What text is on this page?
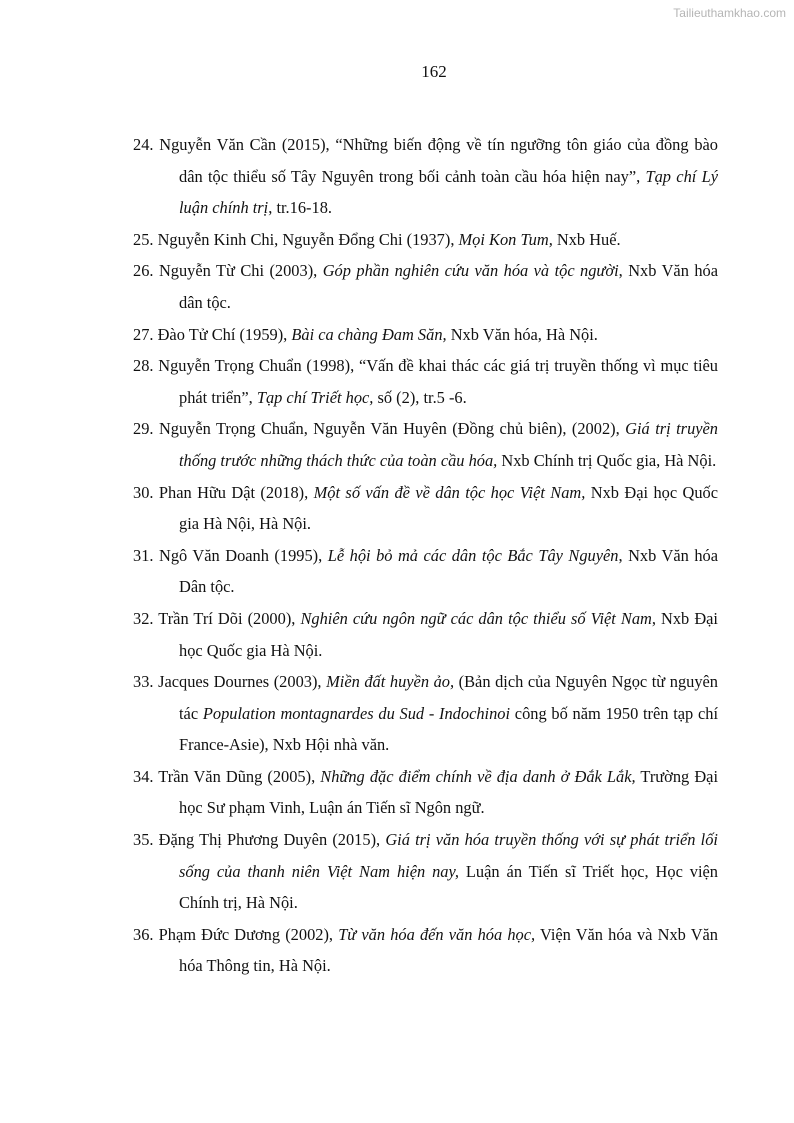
Tailieuthamkhao.com
162
24. Nguyễn Văn Cần (2015), “Những biến động về tín ngưỡng tôn giáo của đồng bào dân tộc thiểu số Tây Nguyên trong bối cảnh toàn cầu hóa hiện nay”, Tạp chí Lý luận chính trị, tr.16-18.
25. Nguyễn Kinh Chi, Nguyễn Đổng Chi (1937), Mọi Kon Tum, Nxb Huế.
26. Nguyễn Từ Chi (2003), Góp phần nghiên cứu văn hóa và tộc người, Nxb Văn hóa dân tộc.
27. Đào Tử Chí (1959), Bài ca chàng Đam Săn, Nxb Văn hóa, Hà Nội.
28. Nguyễn Trọng Chuẩn (1998), “Vấn đề khai thác các giá trị truyền thống vì mục tiêu phát triển”, Tạp chí Triết học, số (2), tr.5 -6.
29. Nguyễn Trọng Chuẩn, Nguyễn Văn Huyên (Đồng chủ biên), (2002), Giá trị truyền thống trước những thách thức của toàn cầu hóa, Nxb Chính trị Quốc gia, Hà Nội.
30. Phan Hữu Dật (2018), Một số vấn đề về dân tộc học Việt Nam, Nxb Đại học Quốc gia Hà Nội, Hà Nội.
31. Ngô Văn Doanh (1995), Lễ hội bỏ mả các dân tộc Bắc Tây Nguyên, Nxb Văn hóa Dân tộc.
32. Trần Trí Dõi (2000), Nghiên cứu ngôn ngữ các dân tộc thiểu số Việt Nam, Nxb Đại học Quốc gia Hà Nội.
33. Jacques Dournes (2003), Miền đất huyền ảo, (Bản dịch của Nguyên Ngọc từ nguyên tác Population montagnardes du Sud - Indochinoi công bố năm 1950 trên tạp chí France-Asie), Nxb Hội nhà văn.
34. Trần Văn Dũng (2005), Những đặc điểm chính về địa danh ở Đắk Lắk, Trường Đại học Sư phạm Vinh, Luận án Tiến sĩ Ngôn ngữ.
35. Đặng Thị Phương Duyên (2015), Giá trị văn hóa truyền thống với sự phát triển lối sống của thanh niên Việt Nam hiện nay, Luận án Tiến sĩ Triết học, Học viện Chính trị, Hà Nội.
36. Phạm Đức Dương (2002), Từ văn hóa đến văn hóa học, Viện Văn hóa và Nxb Văn hóa Thông tin, Hà Nội.
